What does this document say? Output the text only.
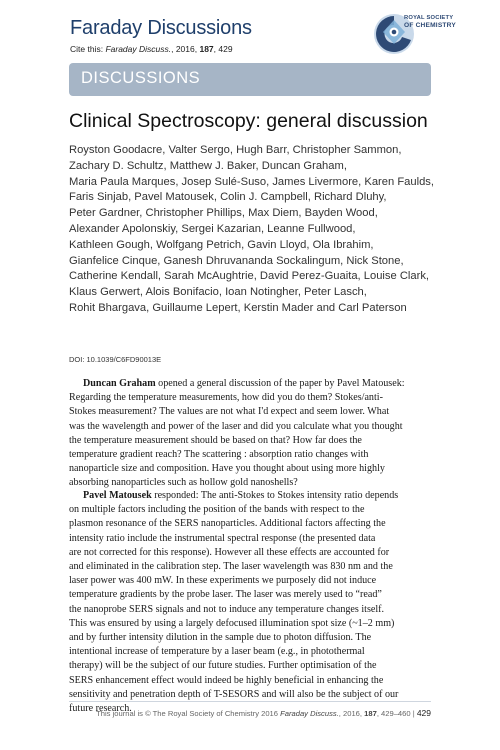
Faraday Discussions
Cite this: Faraday Discuss., 2016, 187, 429
ROYAL SOCIETY
OF CHEMISTRY
DISCUSSIONS
Clinical Spectroscopy: general discussion
Royston Goodacre, Valter Sergo, Hugh Barr, Christopher Sammon,
Zachary D. Schultz, Matthew J. Baker, Duncan Graham,
Maria Paula Marques, Josep Sulé-Suso, James Livermore, Karen Faulds,
Faris Sinjab, Pavel Matousek, Colin J. Campbell, Richard Dluhy,
Peter Gardner, Christopher Phillips, Max Diem, Bayden Wood,
Alexander Apolonskiy, Sergei Kazarian, Leanne Fullwood,
Kathleen Gough, Wolfgang Petrich, Gavin Lloyd, Ola Ibrahim,
Gianfelice Cinque, Ganesh Dhruvananda Sockalingum, Nick Stone,
Catherine Kendall, Sarah McAughtrie, David Perez-Guaita, Louise Clark,
Klaus Gerwert, Alois Bonifacio, Ioan Notingher, Peter Lasch,
Rohit Bhargava, Guillaume Lepert, Kerstin Mader and Carl Paterson
DOI: 10.1039/C6FD90013E
Duncan Graham opened a general discussion of the paper by Pavel Matousek:
Regarding the temperature measurements, how did you do them? Stokes/anti-
Stokes measurement? The values are not what I'd expect and seem lower. What
was the wavelength and power of the laser and did you calculate what you thought
the temperature measurement should be based on that? How far does the
temperature gradient reach? The scattering : absorption ratio changes with
nanoparticle size and composition. Have you thought about using more highly
absorbing nanoparticles such as hollow gold nanoshells?
Pavel Matousek responded: The anti-Stokes to Stokes intensity ratio depends
on multiple factors including the position of the bands with respect to the
plasmon resonance of the SERS nanoparticles. Additional factors affecting the
intensity ratio include the instrumental spectral response (the presented data
are not corrected for this response). However all these effects are accounted for
and eliminated in the calibration step. The laser wavelength was 830 nm and the
laser power was 400 mW. In these experiments we purposely did not induce
temperature gradients by the probe laser. The laser was merely used to “read”
the nanoprobe SERS signals and not to induce any temperature changes itself.
This was ensured by using a largely defocused illumination spot size (~1–2 mm)
and by further intensity dilution in the sample due to photon diffusion. The
intentional increase of temperature by a laser beam (e.g., in photothermal
therapy) will be the subject of our future studies. Further optimisation of the
SERS enhancement effect would indeed be highly beneficial in enhancing the
sensitivity and penetration depth of T-SESORS and will also be the subject of our
future research.
This journal is © The Royal Society of Chemistry 2016 Faraday Discuss., 2016, 187, 429–460 | 429
